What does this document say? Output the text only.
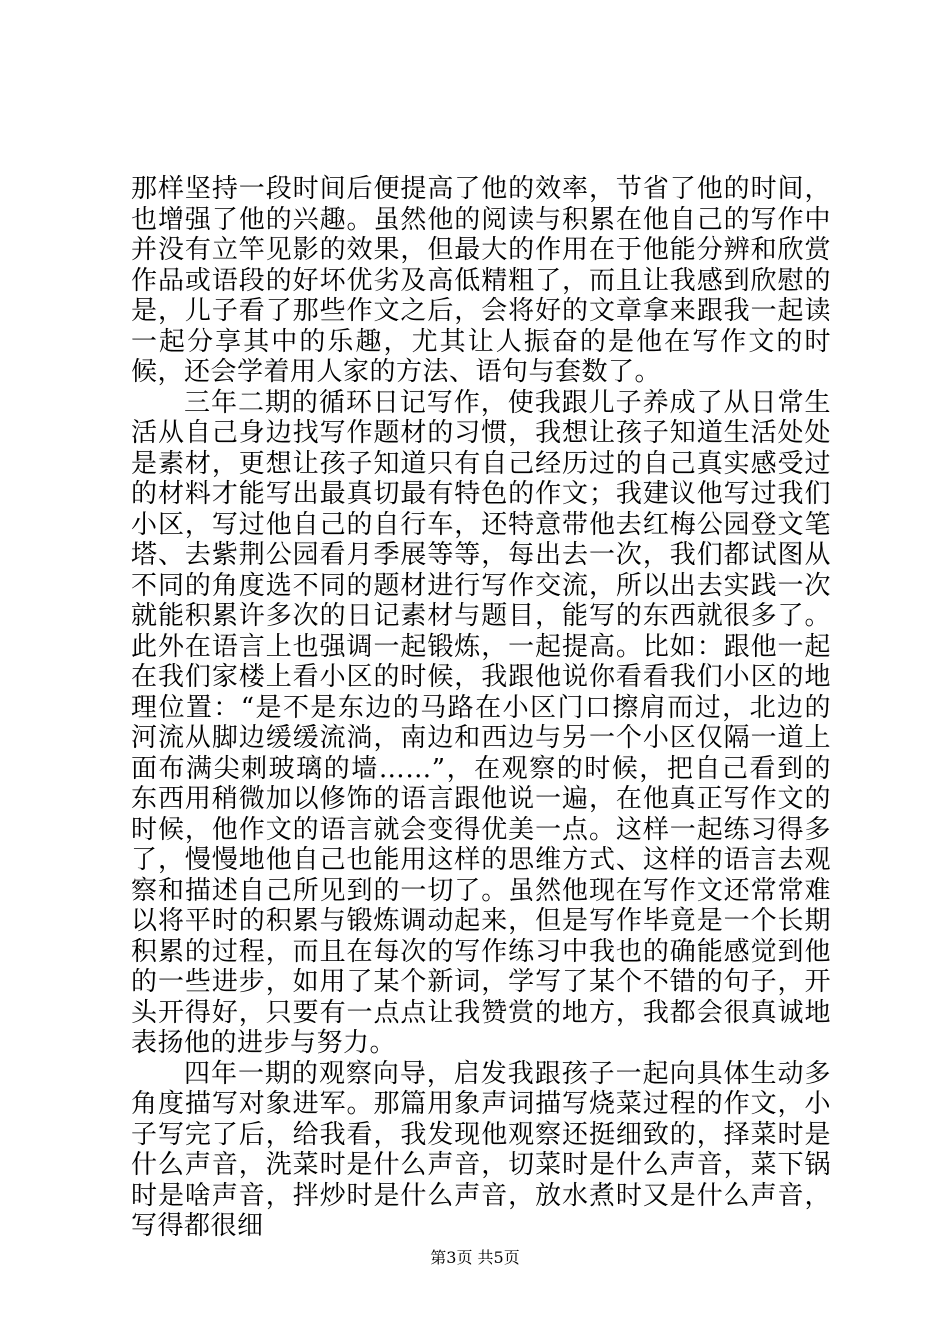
那样坚持一段时间后便提高了他的效率，节省了他的时间，也增强了他的兴趣。虽然他的阅读与积累在他自己的写作中并没有立竿见影的效果，但最大的作用在于他能分辨和欣赏作品或语段的好坏优劣及高低精粗了，而且让我感到欣慰的是，儿子看了那些作文之后，会将好的文章拿来跟我一起读一起分享其中的乐趣，尤其让人振奋的是他在写作文的时候，还会学着用人家的方法、语句与套数了。

三年二期的循环日记写作，使我跟儿子养成了从日常生活从自己身边找写作题材的习惯，我想让孩子知道生活处处是素材，更想让孩子知道只有自己经历过的自己真实感受过的材料才能写出最真切最有特色的作文；我建议他写过我们小区，写过他自己的自行车，还特意带他去红梅公园登文笔塔、去紫荆公园看月季展等等，每出去一次，我们都试图从不同的角度选不同的题材进行写作交流，所以出去实践一次就能积累许多次的日记素材与题目，能写的东西就很多了。此外在语言上也强调一起锻炼，一起提高。比如：跟他一起在我们家楼上看小区的时候，我跟他说你看看我们小区的地理位置：“是不是东边的马路在小区门口擦肩而过，北边的河流从脚边缓缓流淌，南边和西边与另一个小区仅隔一道上面布满尖刺玻璃的墙……”，在观察的时候，把自己看到的东西用稍微加以修饰的语言跟他说一遍，在他真正写作文的时候，他作文的语言就会变得优美一点。这样一起练习得多了，慢慢地他自己也能用这样的思维方式、这样的语言去观察和描述自己所见到的一切了。虽然他现在写作文还常常难以将平时的积累与锻炼调动起来，但是写作毕竟是一个长期积累的过程，而且在每次的写作练习中我也的确能感觉到他的一些进步，如用了某个新词，学写了某个不错的句子，开头开得好，只要有一点点让我赞赏的地方，我都会很真诚地表扬他的进步与努力。

四年一期的观察向导，启发我跟孩子一起向具体生动多角度描写对象进军。那篇用象声词描写烧菜过程的作文，小子写完了后，给我看，我发现他观察还挺细致的，择菜时是什么声音，洗菜时是什么声音，切菜时是什么声音，菜下锅时是啥声音，拌炒时是什么声音，放水煮时又是什么声音，写得都很细

第3页 共5页
